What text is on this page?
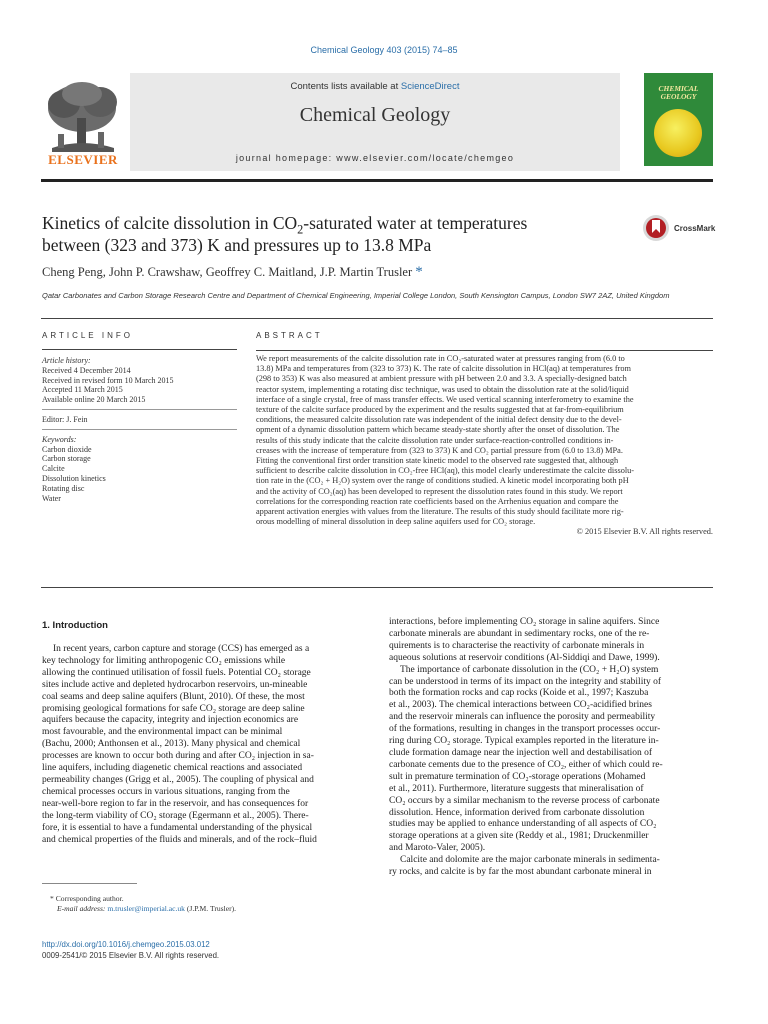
Chemical Geology 403 (2015) 74–85
ELSEVIER
Contents lists available at ScienceDirect
Chemical Geology
journal homepage: www.elsevier.com/locate/chemgeo
CHEMICAL GEOLOGY
Kinetics of calcite dissolution in $CO_2$-saturated water at temperatures
between (323 and 373) K and pressures up to 13.8 MPa
CrossMark
Cheng Peng, John P. Crawshaw, Geoffrey C. Maitland, J.P. Martin Trusler *
Qatar Carbonates and Carbon Storage Research Centre and Department of Chemical Engineering, Imperial College London, South Kensington Campus, London SW7 2AZ, United Kingdom
ARTICLE INFO
Article history:
Received 4 December 2014
Received in revised form 10 March 2015
Accepted 11 March 2015
Available online 20 March 2015
Editor: J. Fein
Keywords:
Carbon dioxide
Carbon storage
Calcite
Dissolution kinetics
Rotating disc
Water
ABSTRACT
We report measurements of the calcite dissolution rate in CO₂-saturated water at pressures ranging from (6.0 to
13.8) MPa and temperatures from (323 to 373) K. The rate of calcite dissolution in HCl(aq) at temperatures from
(298 to 353) K was also measured at ambient pressure with pH between 2.0 and 3.3. A specially-designed batch
reactor system, implementing a rotating disc technique, was used to obtain the dissolution rate at the solid/liquid
interface of a single crystal, free of mass transfer effects. We used vertical scanning interferometry to examine the
texture of the calcite surface produced by the experiment and the results suggested that at far-from-equilibrium
conditions, the measured calcite dissolution rate was independent of the initial defect density due to the devel-
opment of a dynamic dissolution pattern which became steady-state shortly after the onset of dissolution. The
results of this study indicate that the calcite dissolution rate under surface-reaction-controlled conditions in-
creases with the increase of temperature from (323 to 373) K and CO₂ partial pressure from (6.0 to 13.8) MPa.
Fitting the conventional first order transition state kinetic model to the observed rate suggested that, although
sufficient to describe calcite dissolution in CO₂-free HCl(aq), this model clearly underestimate the calcite dissolu-
tion rate in the (CO₂ + H₂O) system over the range of conditions studied. A kinetic model incorporating both pH
and the activity of CO₂(aq) has been developed to represent the dissolution rates found in this study. We report
correlations for the corresponding reaction rate coefficients based on the Arrhenius equation and compare the
apparent activation energies with values from the literature. The results of this study should facilitate more rig-
orous modelling of mineral dissolution in deep saline aquifers used for CO₂ storage.
© 2015 Elsevier B.V. All rights reserved.
1. Introduction
In recent years, carbon capture and storage (CCS) has emerged as a
key technology for limiting anthropogenic CO₂ emissions while
allowing the continued utilisation of fossil fuels. Potential CO₂ storage
sites include active and depleted hydrocarbon reservoirs, un-mineable
coal seams and deep saline aquifers (Blunt, 2010). Of these, the most
promising geological formations for safe CO₂ storage are deep saline
aquifers because the capacity, integrity and injection economics are
most favourable, and the environmental impact can be minimal
(Bachu, 2000; Anthonsen et al., 2013). Many physical and chemical
processes are known to occur both during and after CO₂ injection in sa-
line aquifers, including diagenetic chemical reactions and associated
permeability changes (Grigg et al., 2005). The coupling of physical and
chemical processes occurs in various situations, ranging from the
near-well-bore region to far in the reservoir, and has consequences for
the long-term viability of CO₂ storage (Egermann et al., 2005). There-
fore, it is essential to have a fundamental understanding of the physical
and chemical properties of the fluids and minerals, and of the rock–fluid
interactions, before implementing CO₂ storage in saline aquifers. Since
carbonate minerals are abundant in sedimentary rocks, one of the re-
quirements is to characterise the reactivity of carbonate minerals in
aqueous solutions at reservoir conditions (Al-Siddiqi and Dawe, 1999).
The importance of carbonate dissolution in the (CO₂ + H₂O) system
can be understood in terms of its impact on the integrity and stability of
both the formation rocks and cap rocks (Koide et al., 1997; Kaszuba
et al., 2003). The chemical interactions between CO₂-acidified brines
and the reservoir minerals can influence the porosity and permeability
of the formations, resulting in changes in the transport processes occur-
ring during CO₂ storage. Typical examples reported in the literature in-
clude formation damage near the injection well and destabilisation of
carbonate cements due to the presence of CO₂, either of which could re-
sult in premature termination of CO₂-storage operations (Mohamed
et al., 2011). Furthermore, literature suggests that mineralisation of
CO₂ occurs by a similar mechanism to the reverse process of carbonate
dissolution. Hence, information derived from carbonate dissolution
studies may be applied to enhance understanding of all aspects of CO₂
storage operations at a given site (Reddy et al., 1981; Druckenmiller
and Maroto-Valer, 2005).
Calcite and dolomite are the major carbonate minerals in sedimenta-
ry rocks, and calcite is by far the most abundant carbonate mineral in
* Corresponding author.
E-mail address: m.trusler@imperial.ac.uk (J.P.M. Trusler).
http://dx.doi.org/10.1016/j.chemgeo.2015.03.012
0009-2541/© 2015 Elsevier B.V. All rights reserved.
